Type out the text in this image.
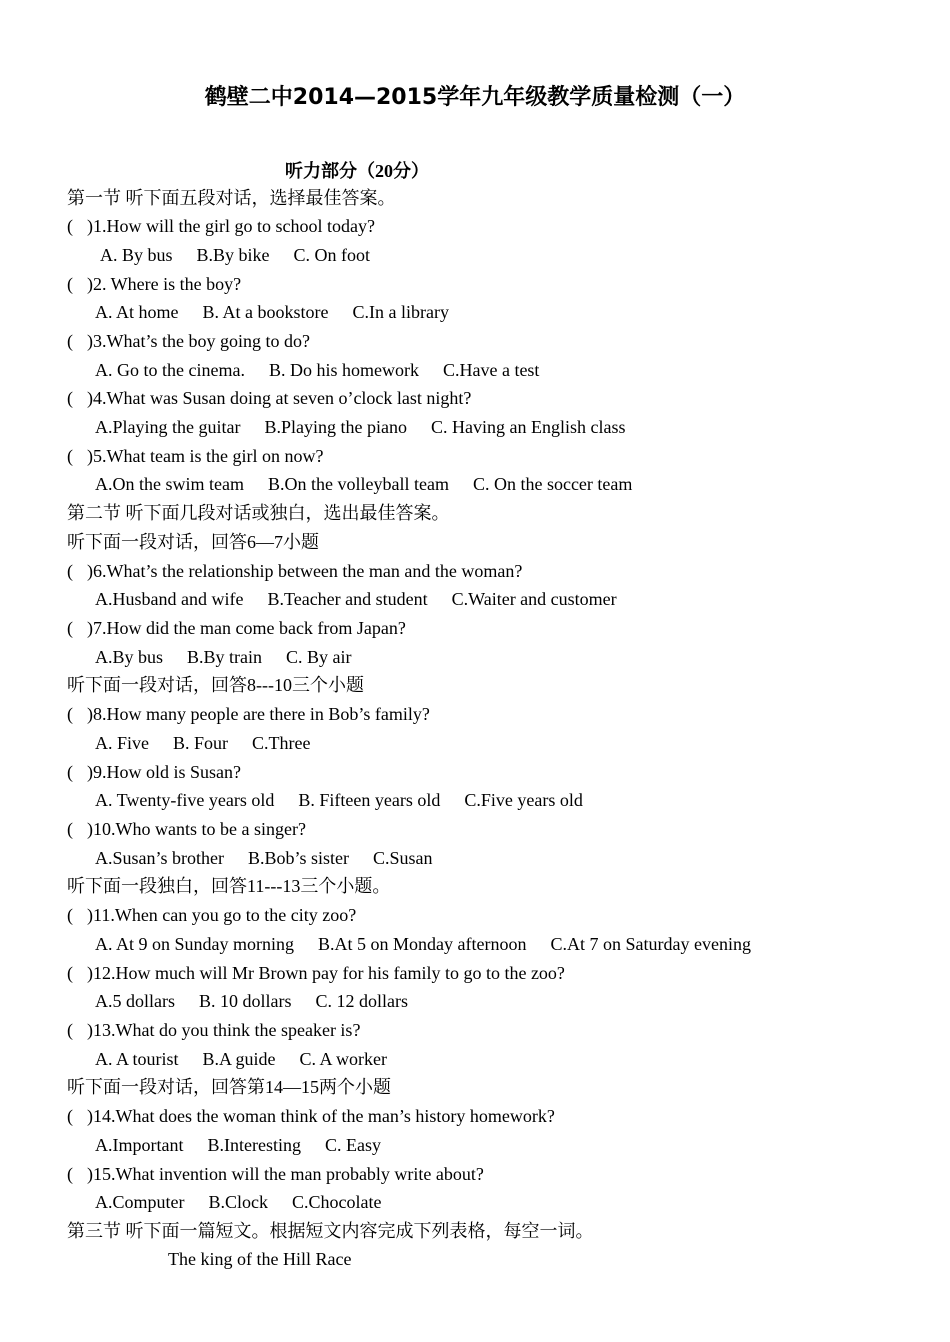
鹤壁二中2014—2015学年九年级教学质量检测（一）
听力部分（20分）
第一节 听下面五段对话，选择最佳答案。
( )1.How will the girl go to school today?
A. By bus B.By bike C. On foot
( )2. Where is the boy?
A. At home B. At a bookstore C.In a library
( )3.What’s the boy going to do?
A. Go to the cinema. B. Do his homework C.Have a test
( )4.What was Susan doing at seven o’clock last night?
A.Playing the guitar B.Playing the piano C. Having an English class
( )5.What team is the girl on now?
A.On the swim team B.On the volleyball team C. On the soccer team
第二节 听下面几段对话或独白，选出最佳答案。
听下面一段对话，回答6—7小题
( )6.What’s the relationship between the man and the woman?
A.Husband and wife B.Teacher and student C.Waiter and customer
( )7.How did the man come back from Japan?
A.By bus B.By train C. By air
听下面一段对话，回答8---10三个小题
( )8.How many people are there in Bob’s family?
A. Five B. Four C.Three
( )9.How old is Susan?
A. Twenty-five years old B. Fifteen years old C.Five years old
( )10.Who wants to be a singer?
A.Susan’s brother B.Bob’s sister C.Susan
听下面一段独白，回答11---13三个小题。
( )11.When can you go to the city zoo?
A. At 9 on Sunday morning B.At 5 on Monday afternoon C.At 7 on Saturday evening
( )12.How much will Mr Brown pay for his family to go to the zoo?
A.5 dollars B. 10 dollars C. 12 dollars
( )13.What do you think the speaker is?
A. A tourist B.A guide C. A worker
听下面一段对话，回答第14—15两个小题
( )14.What does the woman think of the man’s history homework?
A.Important B.Interesting C. Easy
( )15.What invention will the man probably write about?
A.Computer B.Clock C.Chocolate
第三节 听下面一篇短文。根据短文内容完成下列表格，每空一词。
The king of the Hill Race
